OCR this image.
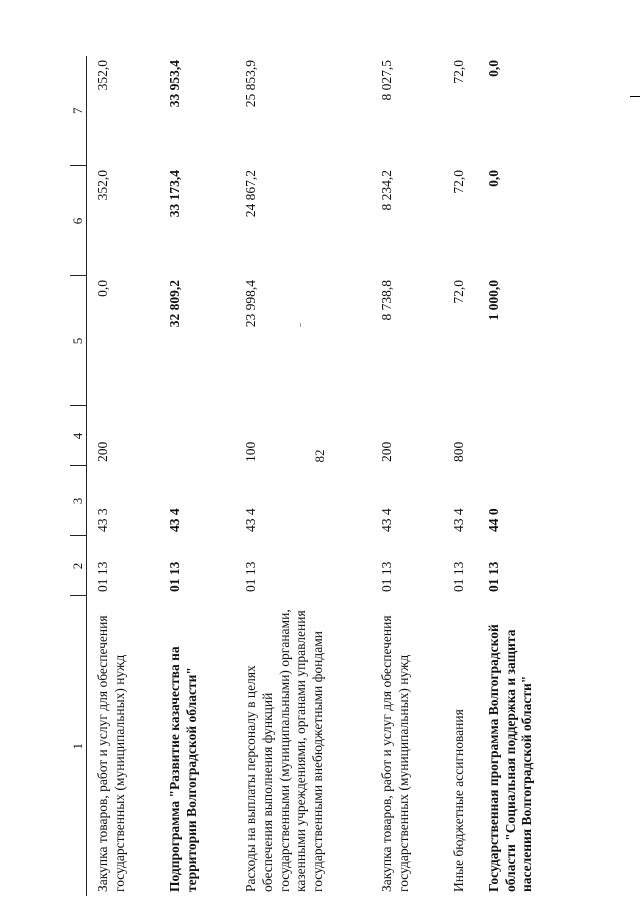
82
1	2	3	4	5	6	7
Закупка товаров, работ и услуг для обеспечения государственных (муниципальных) нужд	01 13	43 3	200	0,0	352,0	352,0
Подпрограмма "Развитие казачества на территории Волгоградской области"	01 13	43 4		32 809,2	33 173,4	33 953,4
Расходы на выплаты персоналу в целях обеспечения выполнения функций государственными (муниципальными) органами, казенными учреждениями, органами управления государственными внебюджетными фондами	01 13	43 4	100	23 998,4	24 867,2	25 853,9
Закупка товаров, работ и услуг для обеспечения государственных (муниципальных) нужд	01 13	43 4	200	8 738,8	8 234,2	8 027,5
Иные бюджетные ассигнования	01 13	43 4	800	72,0	72,0	72,0
Государственная программа Волгоградской области "Социальная поддержка и защита населения Волгоградской области"	01 13	44 0		1 000,0	0,0	0,0
